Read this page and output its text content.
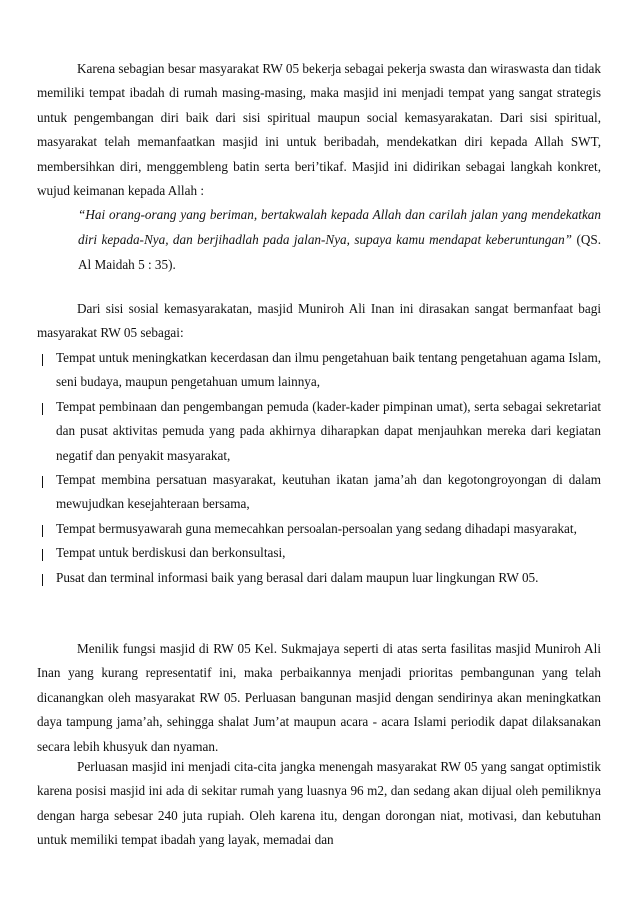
Karena sebagian besar masyarakat RW 05 bekerja sebagai pekerja swasta dan wiraswasta dan tidak memiliki tempat ibadah di rumah masing-masing, maka masjid ini menjadi tempat yang sangat strategis untuk pengembangan diri baik dari sisi spiritual maupun social kemasyarakatan. Dari sisi spiritual, masyarakat telah memanfaatkan masjid ini untuk beribadah, mendekatkan diri kepada Allah SWT, membersihkan diri, menggembleng batin serta beri’tikaf. Masjid ini didirikan sebagai langkah konkret, wujud keimanan kepada Allah :

“Hai orang-orang yang beriman, bertakwalah kepada Allah dan carilah jalan yang mendekatkan diri kepada-Nya, dan berjihadlah pada jalan-Nya, supaya kamu mendapat keberuntungan” (QS. Al Maidah 5 : 35).

Dari sisi sosial kemasyarakatan, masjid Muniroh Ali Inan ini dirasakan sangat bermanfaat bagi masyarakat RW 05 sebagai:

Tempat untuk meningkatkan kecerdasan dan ilmu pengetahuan baik tentang pengetahuan agama Islam, seni budaya, maupun pengetahuan umum lainnya,
Tempat pembinaan dan pengembangan pemuda (kader-kader pimpinan umat), serta sebagai sekretariat dan pusat aktivitas pemuda yang pada akhirnya diharapkan dapat menjauhkan mereka dari kegiatan negatif dan penyakit masyarakat,
Tempat membina persatuan masyarakat, keutuhan ikatan jama’ah dan kegotongroyongan di dalam mewujudkan kesejahteraan bersama,
Tempat bermusyawarah guna memecahkan persoalan-persoalan yang sedang dihadapi masyarakat,
Tempat untuk berdiskusi dan berkonsultasi,
Pusat dan terminal informasi baik yang berasal dari dalam maupun luar lingkungan RW 05.

Menilik fungsi masjid di RW 05 Kel. Sukmajaya seperti di atas serta fasilitas masjid Muniroh Ali Inan yang kurang representatif ini, maka perbaikannya menjadi prioritas pembangunan yang telah dicanangkan oleh masyarakat RW 05. Perluasan bangunan masjid dengan sendirinya akan meningkatkan daya tampung jama’ah, sehingga shalat Jum’at maupun acara - acara Islami periodik dapat dilaksanakan secara lebih khusyuk dan nyaman.

Perluasan masjid ini menjadi cita-cita jangka menengah masyarakat RW 05 yang sangat optimistik karena posisi masjid ini ada di sekitar rumah yang luasnya 96 m2, dan sedang akan dijual oleh pemiliknya dengan harga sebesar 240 juta rupiah. Oleh karena itu, dengan dorongan niat, motivasi, dan kebutuhan untuk memiliki tempat ibadah yang layak, memadai dan
